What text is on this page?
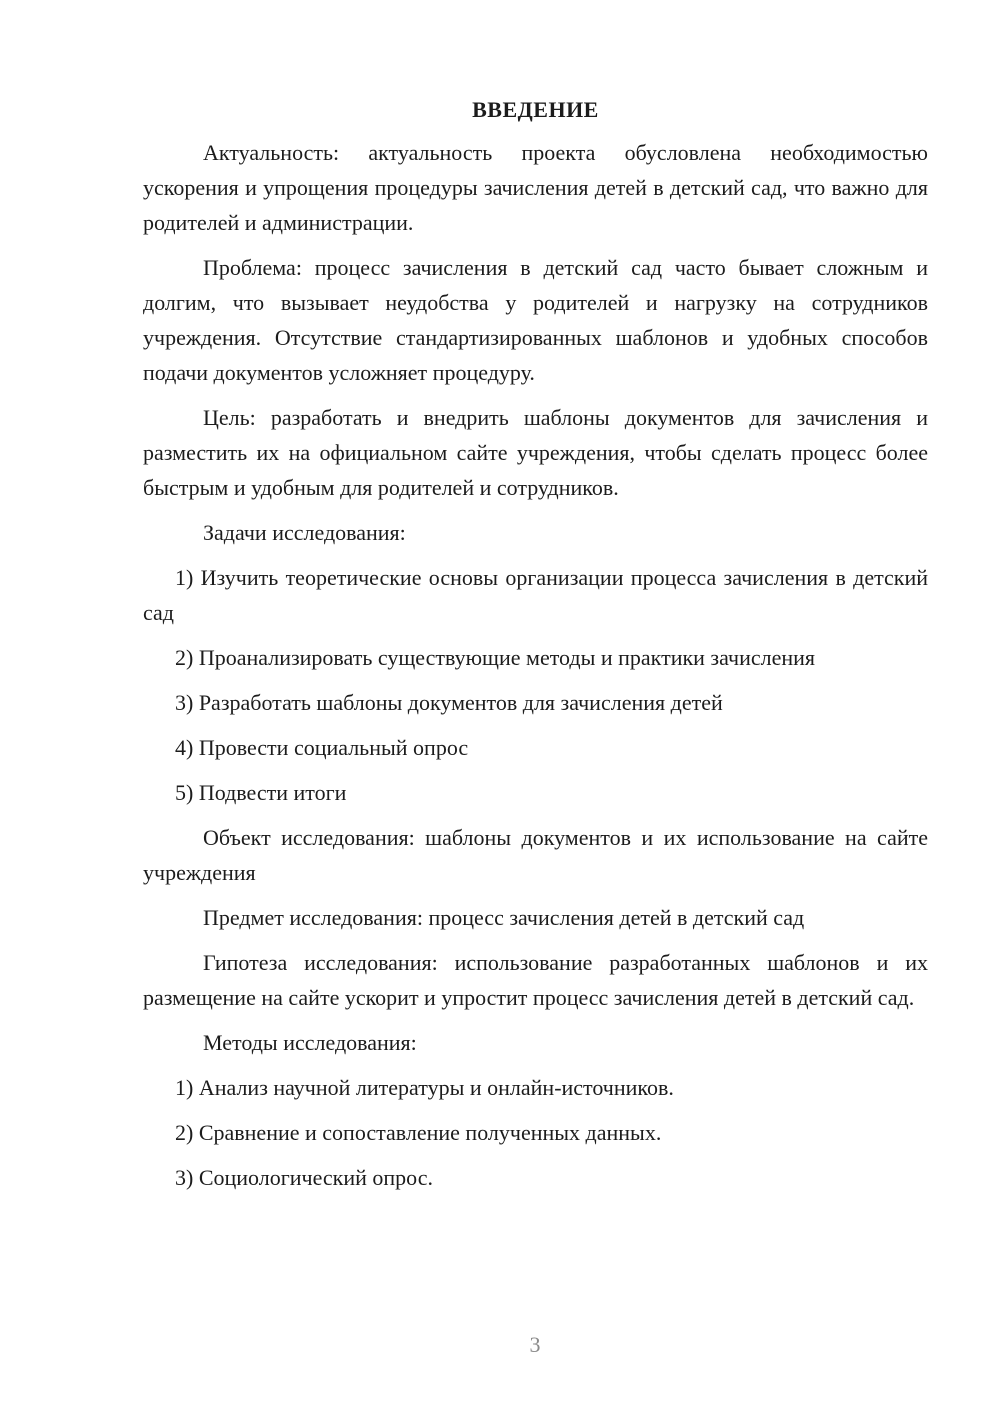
ВВЕДЕНИЕ

Актуальность: актуальность проекта обусловлена необходимостью ускорения и упрощения процедуры зачисления детей в детский сад, что важно для родителей и администрации.

Проблема: процесс зачисления в детский сад часто бывает сложным и долгим, что вызывает неудобства у родителей и нагрузку на сотрудников учреждения. Отсутствие стандартизированных шаблонов и удобных способов подачи документов усложняет процедуру.

Цель: разработать и внедрить шаблоны документов для зачисления и разместить их на официальном сайте учреждения, чтобы сделать процесс более быстрым и удобным для родителей и сотрудников.

Задачи исследования:

1) Изучить теоретические основы организации процесса зачисления в детский сад

2) Проанализировать существующие методы и практики зачисления

3) Разработать шаблоны документов для зачисления детей

4) Провести социальный опрос

5) Подвести итоги

Объект исследования: шаблоны документов и их использование на сайте учреждения

Предмет исследования: процесс зачисления детей в детский сад

Гипотеза исследования: использование разработанных шаблонов и их размещение на сайте ускорит и упростит процесс зачисления детей в детский сад.

Методы исследования:

1) Анализ научной литературы и онлайн-источников.

2) Сравнение и сопоставление полученных данных.

3) Социологический опрос.

3
